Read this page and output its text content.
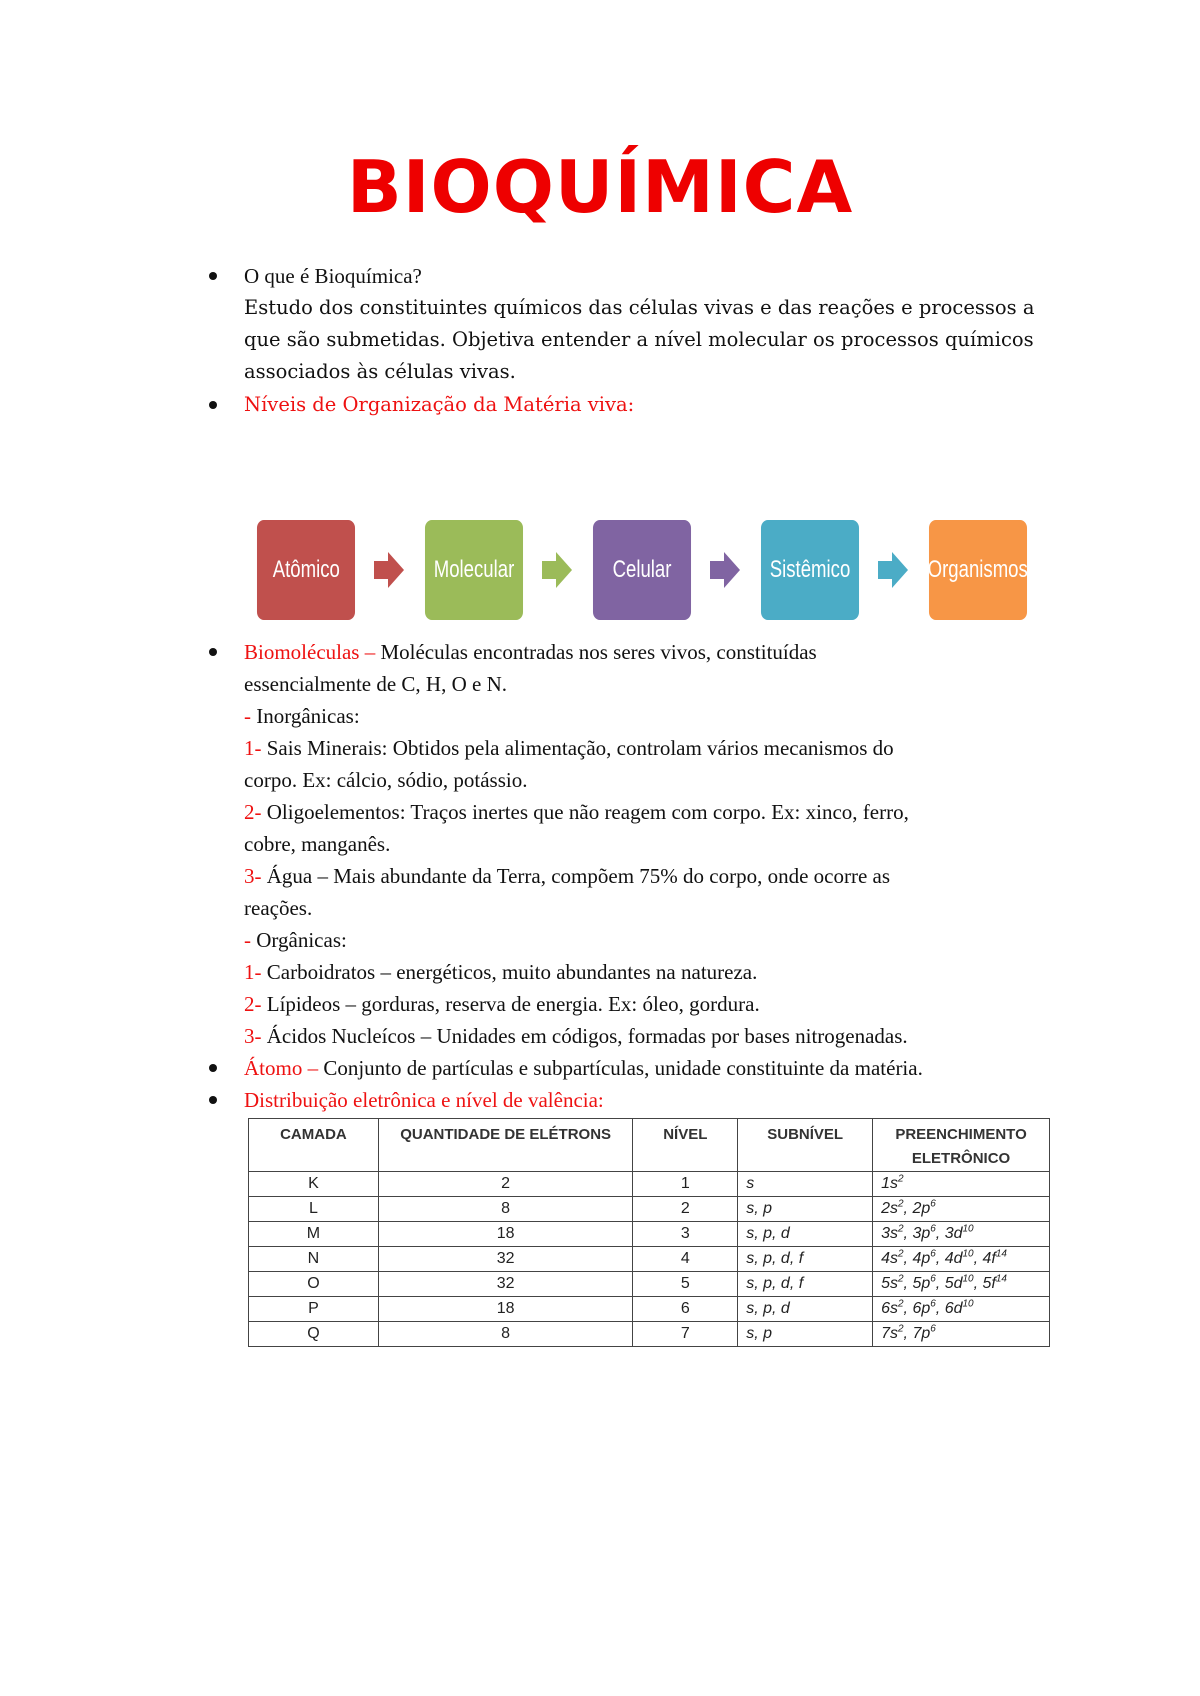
BIOQUÍMICA
O que é Bioquímica?
Estudo dos constituintes químicos das células vivas e das reações e processos a
que são submetidas. Objetiva entender a nível molecular os processos químicos
associados às células vivas.
Níveis de Organização da Matéria viva:
Atômico	Molecular	Celular	Sistêmico	Organismos
Biomoléculas – Moléculas encontradas nos seres vivos, constituídas
essencialmente de C, H, O e N.
- Inorgânicas:
1- Sais Minerais: Obtidos pela alimentação, controlam vários mecanismos do
corpo. Ex: cálcio, sódio, potássio.
2- Oligoelementos: Traços inertes que não reagem com corpo. Ex: xinco, ferro,
cobre, manganês.
3- Água – Mais abundante da Terra, compõem 75% do corpo, onde ocorre as
reações.
- Orgânicas:
1- Carboidratos – energéticos, muito abundantes na natureza.
2- Lípideos – gorduras, reserva de energia. Ex: óleo, gordura.
3- Ácidos Nucleícos – Unidades em códigos, formadas por bases nitrogenadas.
Átomo – Conjunto de partículas e subpartículas, unidade constituinte da matéria.
Distribuição eletrônica e nível de valência:
CAMADA	QUANTIDADE DE ELÉTRONS	NÍVEL	SUBNÍVEL	PREENCHIMENTO ELETRÔNICO
K	2	1	s	$1s^2$
L	8	2	s, p	$2s^2$, $2p^6$
M	18	3	s, p, d	$3s^2$, $3p^6$, $3d^{10}$
N	32	4	s, p, d, f	$4s^2$, $4p^6$, $4d^{10}$, $4f^{14}$
O	32	5	s, p, d, f	$5s^2$, $5p^6$, $5d^{10}$, $5f^{14}$
P	18	6	s, p, d	$6s^2$, $6p^6$, $6d^{10}$
Q	8	7	s, p	$7s^2$, $7p^6$
